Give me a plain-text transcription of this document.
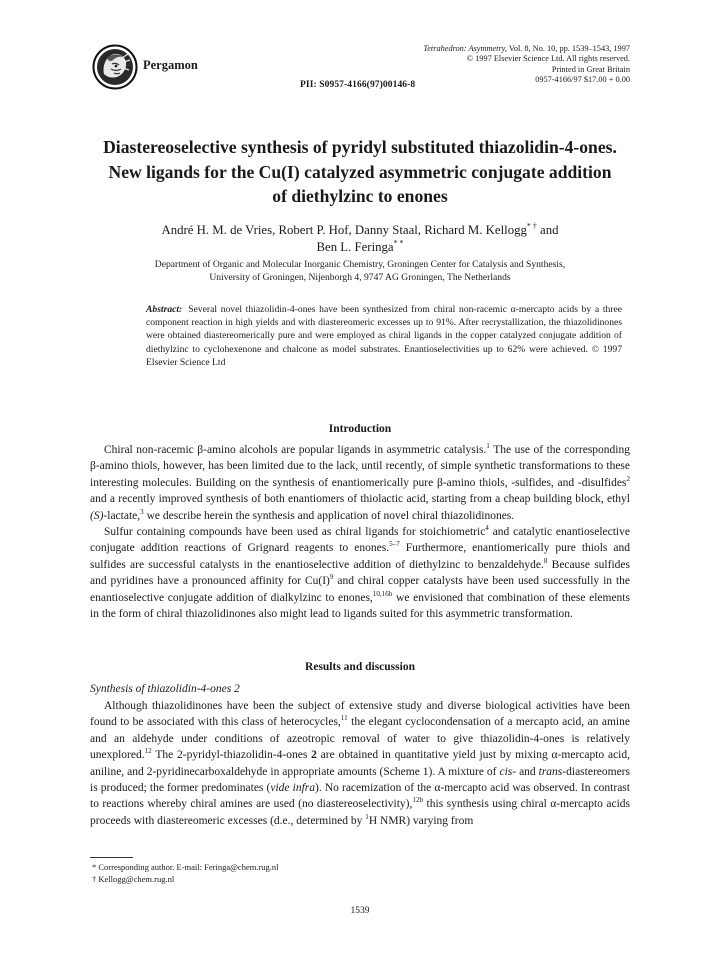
Pergamon
PII: S0957-4166(97)00146-8
Tetrahedron: Asymmetry, Vol. 8, No. 10, pp. 1539–1543, 1997
© 1997 Elsevier Science Ltd. All rights reserved.
Printed in Great Britain
0957-4166/97 $17.00 + 0.00
Diastereoselective synthesis of pyridyl substituted thiazolidin-4-ones.
New ligands for the Cu(I) catalyzed asymmetric conjugate addition
of diethylzinc to enones
André H. M. de Vries, Robert P. Hof, Danny Staal, Richard M. Kellogg* † and
Ben L. Feringa* *
Department of Organic and Molecular Inorganic Chemistry, Groningen Center for Catalysis and Synthesis,
University of Groningen, Nijenborgh 4, 9747 AG Groningen, The Netherlands
Abstract: Several novel thiazolidin-4-ones have been synthesized from chiral non-racemic α-mercapto acids by a three component reaction in high yields and with diastereomeric excesses up to 91%. After recrystallization, the thiazolidinones were obtained diastereomerically pure and were employed as chiral ligands in the copper catalyzed conjugate addition of diethylzinc to cyclohexenone and chalcone as model substrates. Enantioselectivities up to 62% were achieved. © 1997 Elsevier Science Ltd
Introduction

Chiral non-racemic β-amino alcohols are popular ligands in asymmetric catalysis.$^1$ The use of the corresponding β-amino thiols, however, has been limited due to the lack, until recently, of simple synthetic transformations to these interesting molecules. Building on the synthesis of enantiomerically pure β-amino thiols, -sulfides, and -disulfides$^2$ and a recently improved synthesis of both enantiomers of thiolactic acid, starting from a cheap building block, ethyl (S)-lactate,$^3$ we describe herein the synthesis and application of novel chiral thiazolidinones.

Sulfur containing compounds have been used as chiral ligands for stoichiometric$^4$ and catalytic enantioselective conjugate addition reactions of Grignard reagents to enones.$^{5-7}$ Furthermore, enantiomerically pure thiols and sulfides are successful catalysts in the enantioselective addition of diethylzinc to benzaldehyde.$^8$ Because sulfides and pyridines have a pronounced affinity for $Cu(I)^9$ and chiral copper catalysts have been used successfully in the enantioselective conjugate addition of dialkylzinc to enones,$^{10,16b}$ we envisioned that combination of these elements in the form of chiral thiazolidinones also might lead to ligands suited for this asymmetric transformation.

Results and discussion
Synthesis of thiazolidin-4-ones 2

Although thiazolidinones have been the subject of extensive study and diverse biological activities have been found to be associated with this class of heterocycles,$^{11}$ the elegant cyclocondensation of a mercapto acid, an amine and an aldehyde under conditions of azeotropic removal of water to give thiazolidin-4-ones is relatively unexplored.$^{12}$ The 2-pyridyl-thiazolidin-4-ones 2 are obtained in quantitative yield just by mixing α-mercapto acid, aniline, and 2-pyridinecarboxaldehyde in appropriate amounts (Scheme 1). A mixture of cis- and trans-diastereomers is produced; the former predominates (vide infra). No racemization of the α-mercapto acid was observed. In contrast to reactions whereby chiral amines are used (no diastereoselectivity),$^{12b}$ this synthesis using chiral α-mercapto acids proceeds with diastereomeric excesses (d.e., determined by $^1$H NMR) varying from

* Corresponding author. E-mail: Feringa@chem.rug.nl
† Kellogg@chem.rug.nl
1539
